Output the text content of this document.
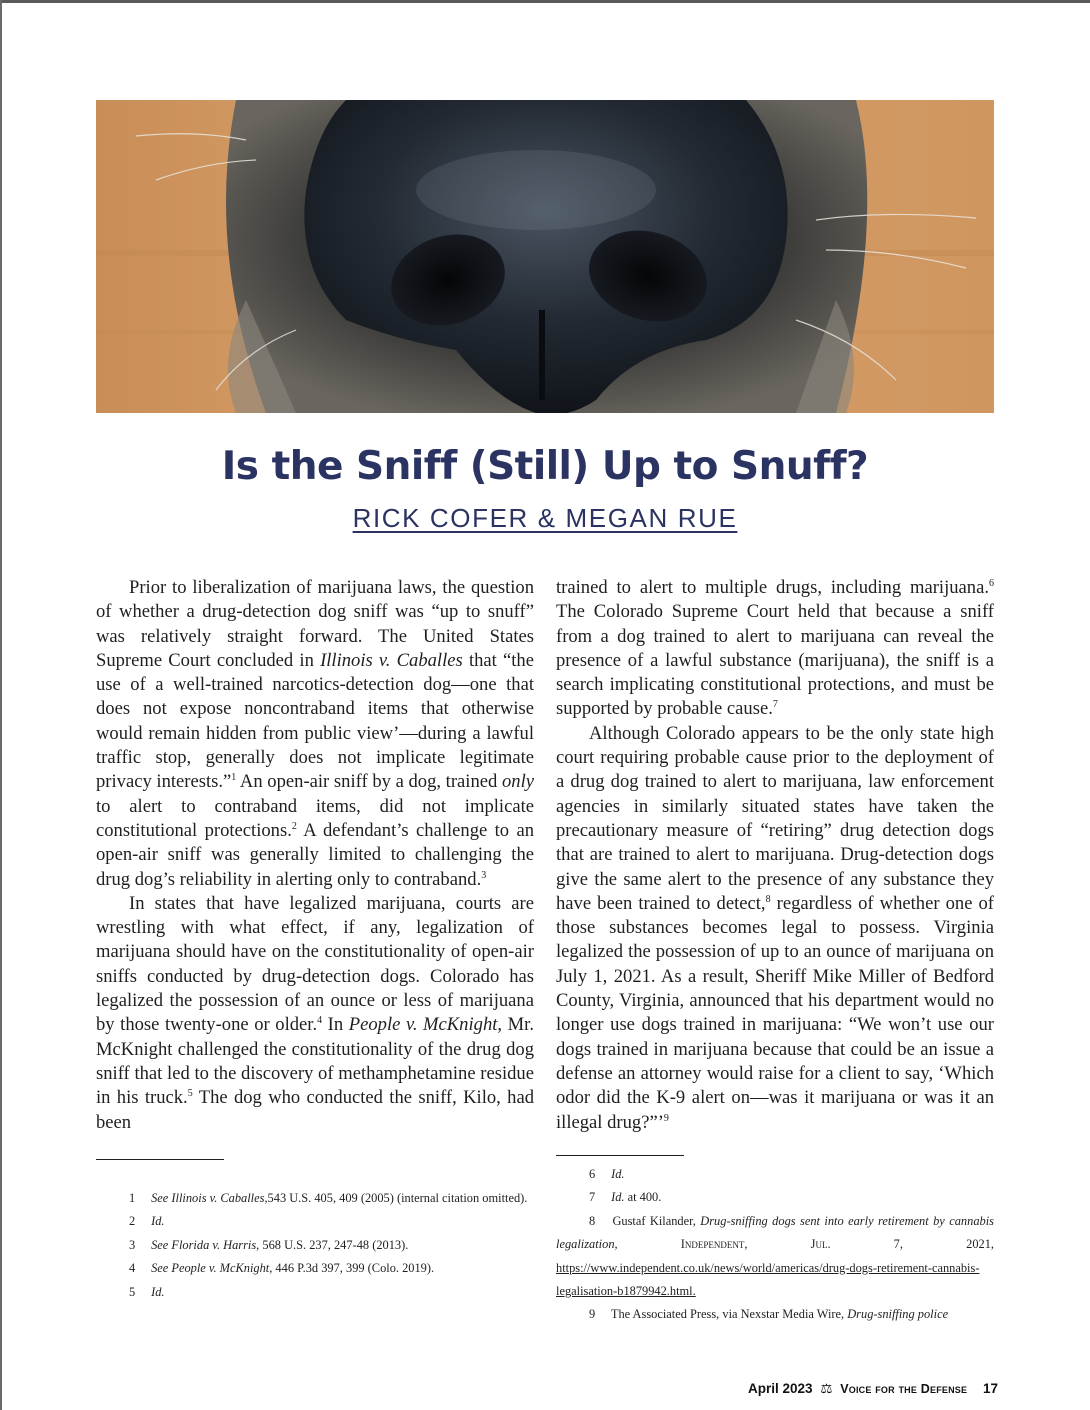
Is the Sniff (Still) Up to Snuff?
RICK COFER & MEGAN RUE

Prior to liberalization of marijuana laws, the question of whether a drug-detection dog sniff was “up to snuff” was relatively straight forward. The United States Supreme Court concluded in Illinois v. Caballes that “the use of a well-trained narcotics-detection dog—one that does not expose noncontraband items that otherwise would remain hidden from public view’—during a lawful traffic stop, generally does not implicate legitimate privacy interests.”$^1$ An open-air sniff by a dog, trained only to alert to contraband items, did not implicate constitutional protections.$^2$ A defendant’s challenge to an open-air sniff was generally limited to challenging the drug dog’s reliability in alerting only to contraband.$^3$

In states that have legalized marijuana, courts are wrestling with what effect, if any, legalization of marijuana should have on the constitutionality of open-air sniffs conducted by drug-detection dogs. Colorado has legalized the possession of an ounce or less of marijuana by those twenty-one or older.$^4$ In People v. McKnight, Mr. McKnight challenged the constitutionality of the drug dog sniff that led to the discovery of methamphetamine residue in his truck.$^5$ The dog who conducted the sniff, Kilo, had been

trained to alert to multiple drugs, including marijuana.$^6$ The Colorado Supreme Court held that because a sniff from a dog trained to alert to marijuana can reveal the presence of a lawful substance (marijuana), the sniff is a search implicating constitutional protections, and must be supported by probable cause.$^7$

Although Colorado appears to be the only state high court requiring probable cause prior to the deployment of a drug dog trained to alert to marijuana, law enforcement agencies in similarly situated states have taken the precautionary measure of “retiring” drug detection dogs that are trained to alert to marijuana. Drug-detection dogs give the same alert to the presence of any substance they have been trained to detect,$^8$ regardless of whether one of those substances becomes legal to possess. Virginia legalized the possession of up to an ounce of marijuana on July 1, 2021. As a result, Sheriff Mike Miller of Bedford County, Virginia, announced that his department would no longer use dogs trained in marijuana: “We won’t use our dogs trained in marijuana because that could be an issue a defense an attorney would raise for a client to say, ‘Which odor did the K-9 alert on—was it marijuana or was it an illegal drug?”’$^9$

1 See Illinois v. Caballes,543 U.S. 405, 409 (2005) (internal citation omitted).
2 Id.
3 See Florida v. Harris, 568 U.S. 237, 247-48 (2013).
4 See People v. McKnight, 446 P.3d 397, 399 (Colo. 2019).
5 Id.
6 Id.
7 Id. at 400.
8 Gustaf Kilander, Drug-sniffing dogs sent into early retirement by cannabis legalization, Independent, Jul. 7, 2021, https://www.independent.co.uk/news/world/americas/drug-dogs-retirement-cannabis-legalisation-b1879942.html.
9 The Associated Press, via Nexstar Media Wire, Drug-sniffing police
April 2023 ⚖ Voice for the Defense 17
